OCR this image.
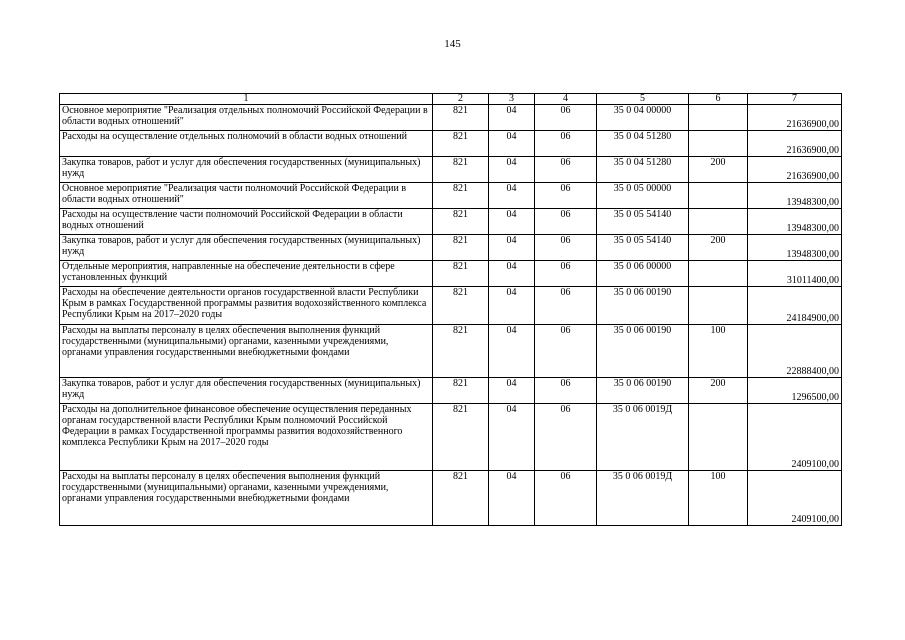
145
1	2	3	4	5	6	7
Основное мероприятие "Реализация отдельных полномочий Российской Федерации в области водных отношений"	821	04	06	35 0 04 00000		21636900,00
Расходы на осуществление отдельных полномочий в области водных отношений	821	04	06	35 0 04 51280		21636900,00
Закупка товаров, работ и услуг для обеспечения государственных (муниципальных) нужд	821	04	06	35 0 04 51280	200	21636900,00
Основное мероприятие "Реализация части полномочий Российской Федерации в области водных отношений"	821	04	06	35 0 05 00000		13948300,00
Расходы на осуществление части полномочий Российской Федерации в области водных отношений	821	04	06	35 0 05 54140		13948300,00
Закупка товаров, работ и услуг для обеспечения государственных (муниципальных) нужд	821	04	06	35 0 05 54140	200	13948300,00
Отдельные мероприятия, направленные на обеспечение деятельности в сфере установленных функций	821	04	06	35 0 06 00000		31011400,00
Расходы на обеспечение деятельности органов государственной власти Республики Крым в рамках Государственной программы развития водохозяйственного комплекса Республики Крым на 2017–2020 годы	821	04	06	35 0 06 00190		24184900,00
Расходы на выплаты персоналу в целях обеспечения выполнения функций государственными (муниципальными) органами, казенными учреждениями, органами управления государственными внебюджетными фондами	821	04	06	35 0 06 00190	100	22888400,00
Закупка товаров, работ и услуг для обеспечения государственных (муниципальных) нужд	821	04	06	35 0 06 00190	200	1296500,00
Расходы на дополнительное финансовое обеспечение осуществления переданных органам государственной власти Республики Крым полномочий Российской Федерации в рамках Государственной программы развития водохозяйственного комплекса Республики Крым на 2017–2020 годы	821	04	06	35 0 06 0019Д		2409100,00
Расходы на выплаты персоналу в целях обеспечения выполнения функций государственными (муниципальными) органами, казенными учреждениями, органами управления государственными внебюджетными фондами	821	04	06	35 0 06 0019Д	100	2409100,00
